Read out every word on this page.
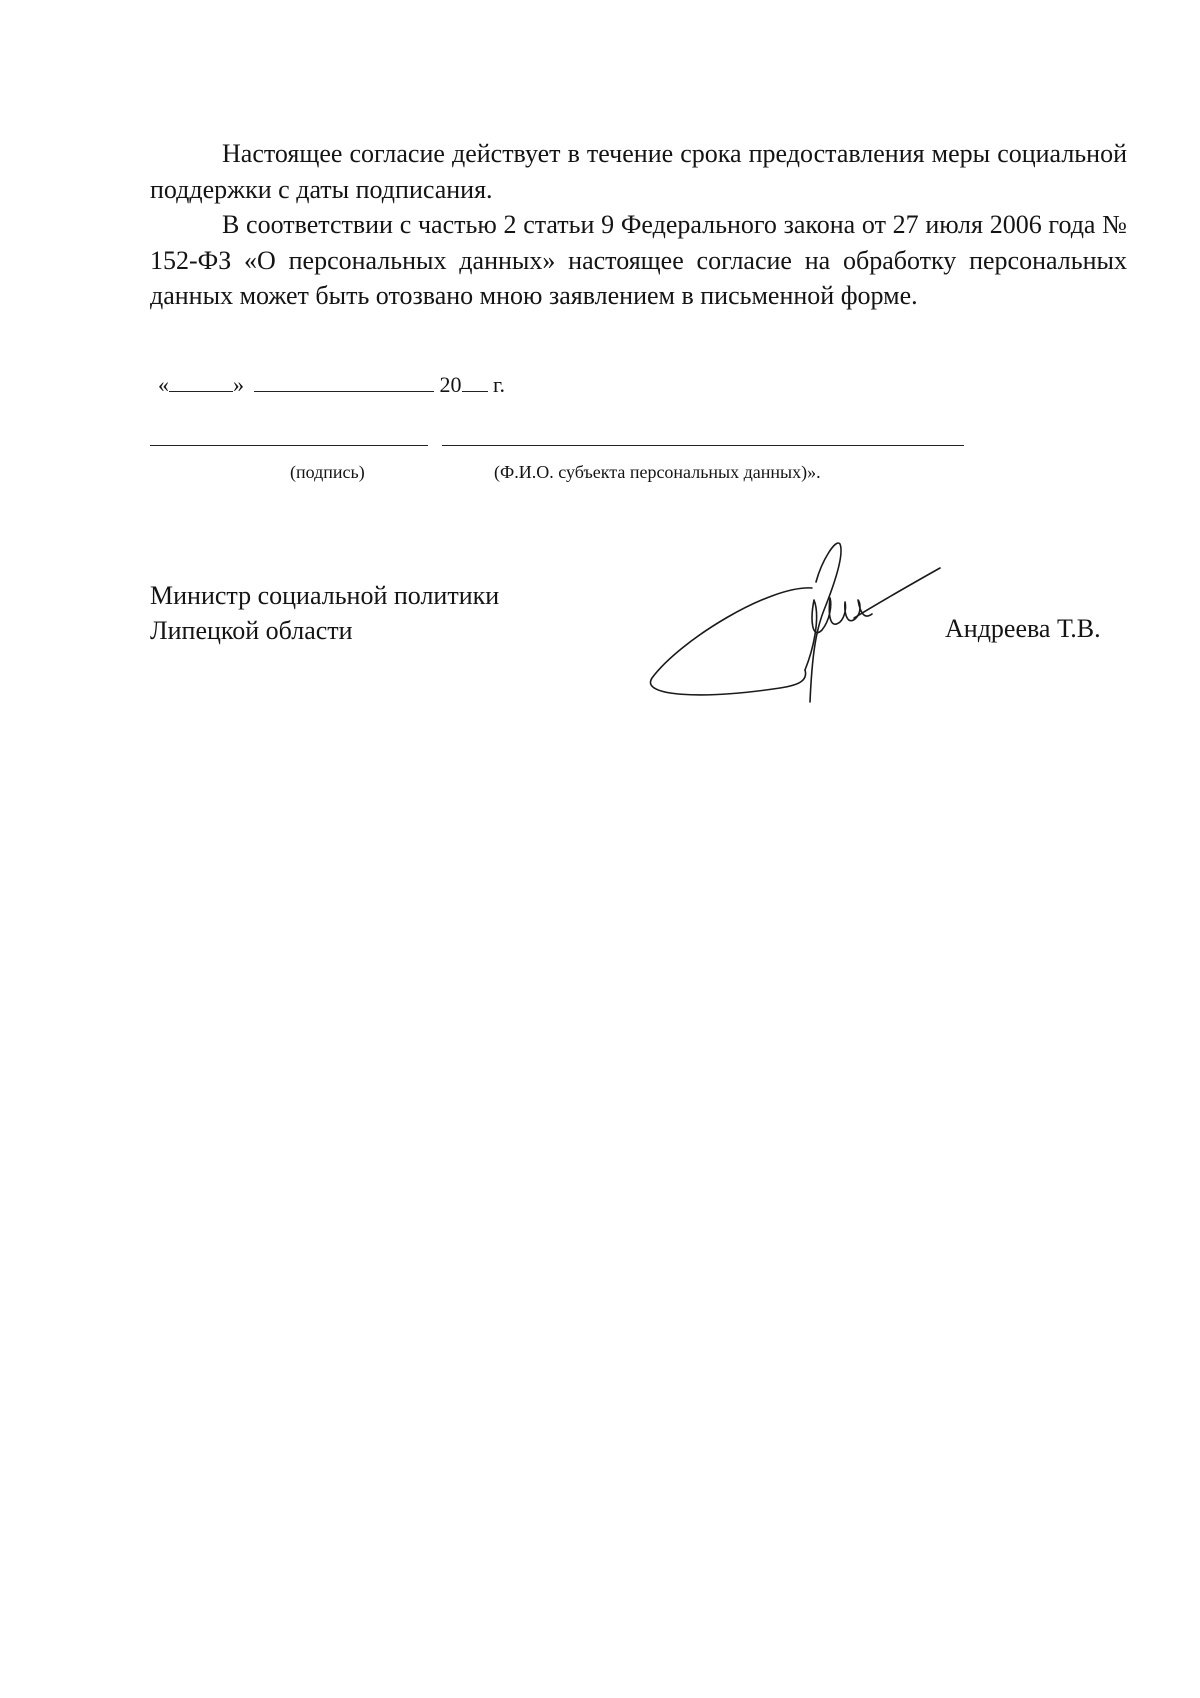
Настоящее согласие действует в течение срока предоставления меры социальной поддержки с даты подписания.

В соответствии с частью 2 статьи 9 Федерального закона от 27 июля 2006 года № 152-ФЗ «О персональных данных» настоящее согласие на обработку персональных данных может быть отозвано мною заявлением в письменной форме.

«	»	20 г.
(подпись)	(Ф.И.О. субъекта персональных данных)».
Министр социальной политики
Липецкой области	Андреева Т.В.
